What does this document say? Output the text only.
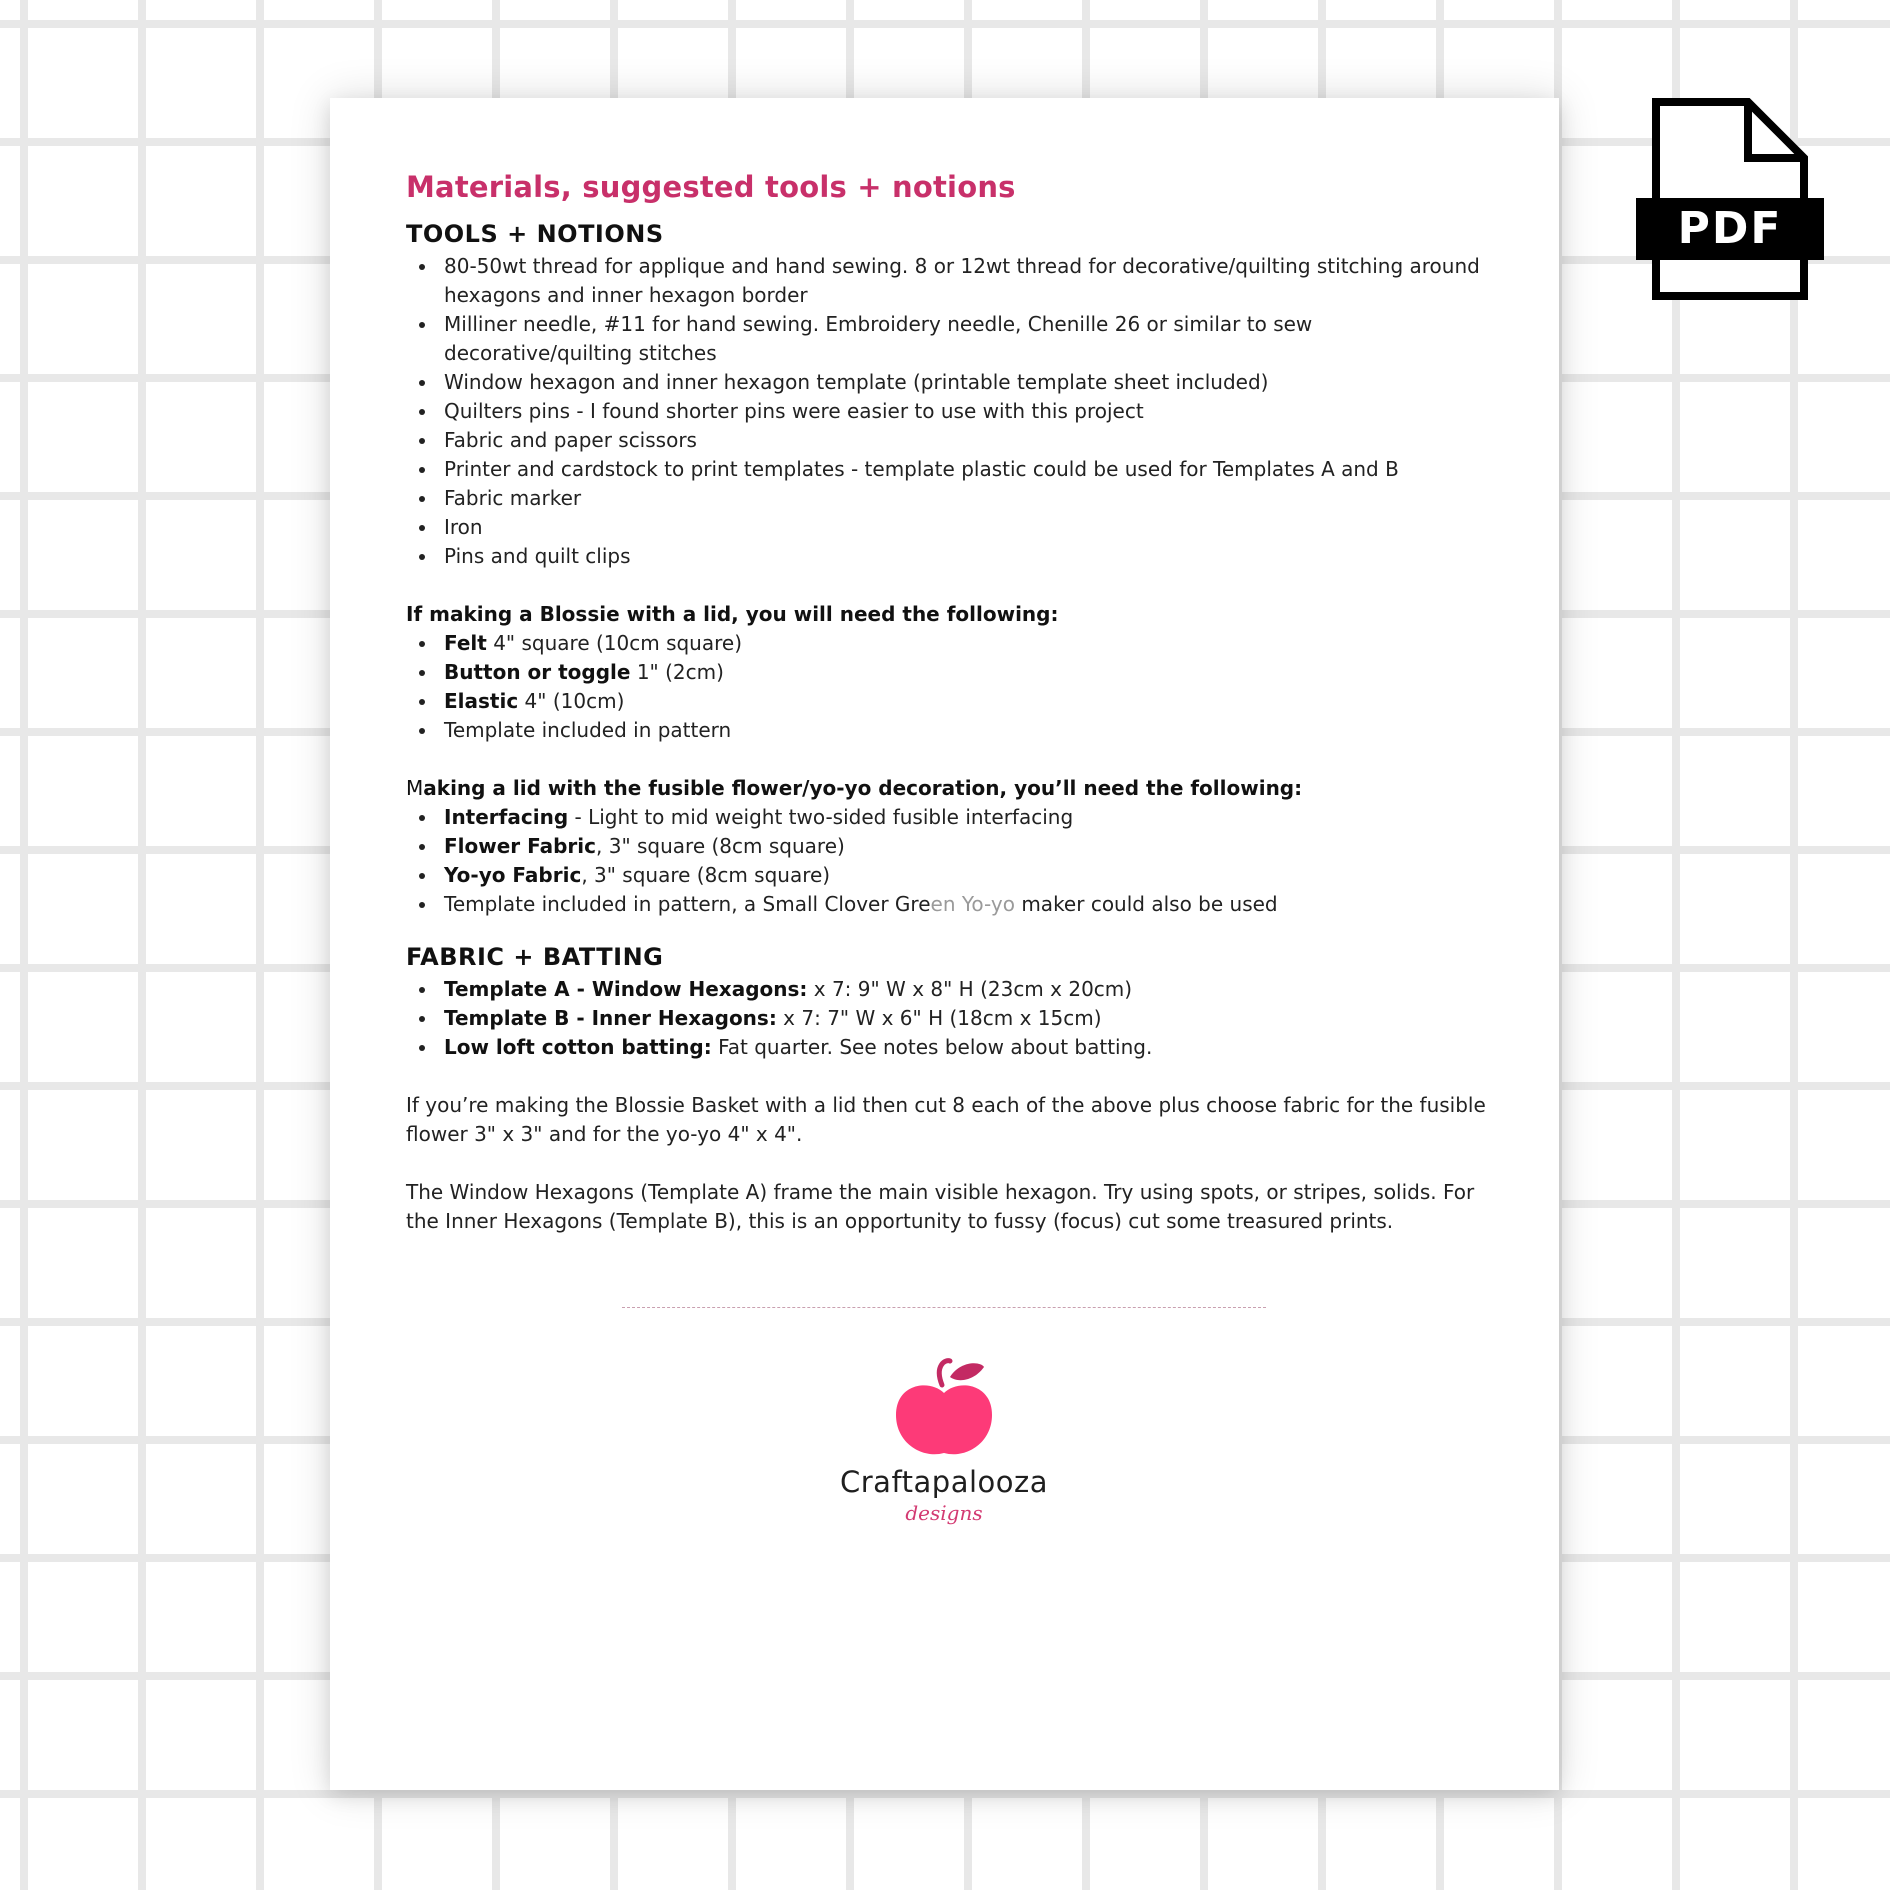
PDF
Materials, suggested tools + notions
TOOLS + NOTIONS
80-50wt thread for applique and hand sewing. 8 or 12wt thread for decorative/quilting stitching around hexagons and inner hexagon border
Milliner needle, #11 for hand sewing. Embroidery needle, Chenille 26 or similar to sew decorative/quilting stitches
Window hexagon and inner hexagon template (printable template sheet included)
Quilters pins - I found shorter pins were easier to use with this project
Fabric and paper scissors
Printer and cardstock to print templates - template plastic could be used for Templates A and B
Fabric marker
Iron
Pins and quilt clips
If making a Blossie with a lid, you will need the following:
Felt 4" square (10cm square)
Button or toggle 1" (2cm)
Elastic 4" (10cm)
Template included in pattern
Making a lid with the fusible flower/yo-yo decoration, you’ll need the following:
Interfacing - Light to mid weight two-sided fusible interfacing
Flower Fabric, 3" square (8cm square)
Yo-yo Fabric, 3" square (8cm square)
Template included in pattern, a Small Clover Green Yo-yo maker could also be used
FABRIC + BATTING
Template A - Window Hexagons: x 7: 9" W x 8" H (23cm x 20cm)
Template B - Inner Hexagons: x 7: 7" W x 6" H (18cm x 15cm)
Low loft cotton batting: Fat quarter. See notes below about batting.

If you’re making the Blossie Basket with a lid then cut 8 each of the above plus choose fabric for the fusible flower 3" x 3" and for the yo-yo 4" x 4".

The Window Hexagons (Template A) frame the main visible hexagon. Try using spots, or stripes, solids. For the Inner Hexagons (Template B), this is an opportunity to fussy (focus) cut some treasured prints.

Craftapalooza
designs
